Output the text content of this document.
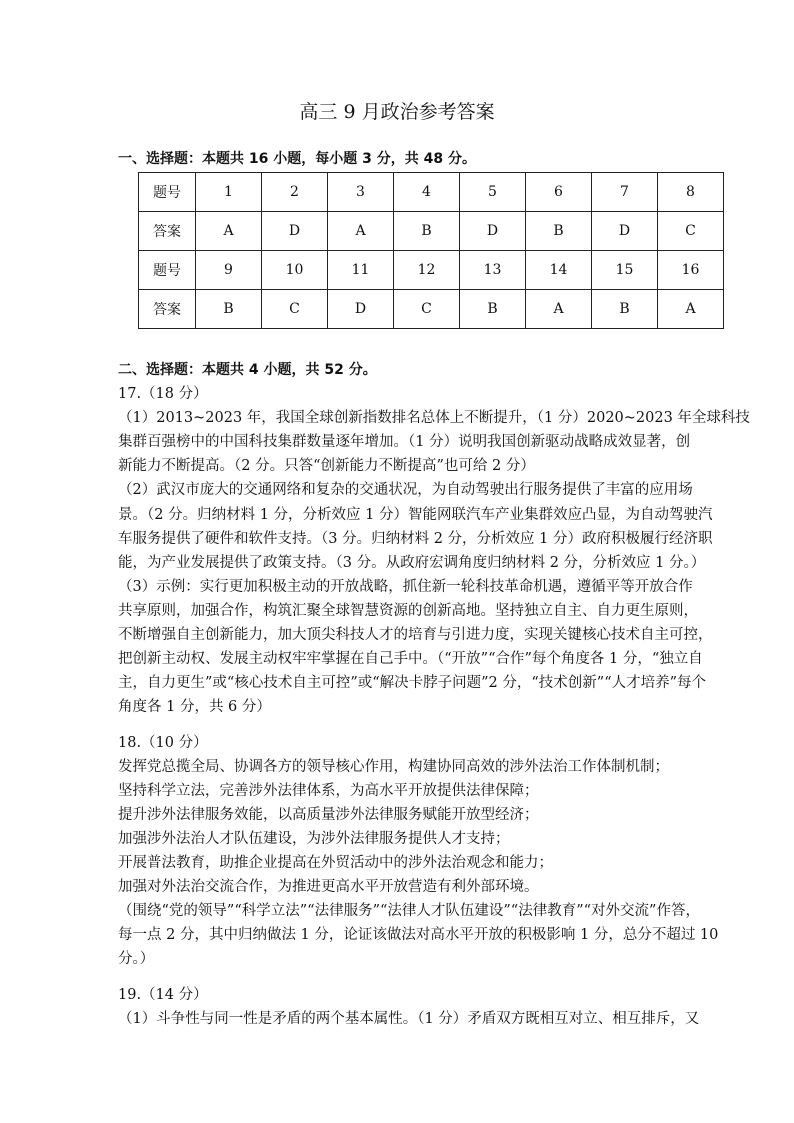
高三 9 月政治参考答案
一、选择题：本题共 16 小题，每小题 3 分，共 48 分。
题号	1	2	3	4	5	6	7	8
答案	A	D	A	B	D	B	D	C
题号	9	10	11	12	13	14	15	16
答案	B	C	D	C	B	A	B	A
二、选择题：本题共 4 小题，共 52 分。
17.（18 分）
（1）2013~2023 年，我国全球创新指数排名总体上不断提升，（1 分）2020~2023 年全球科技
集群百强榜中的中国科技集群数量逐年增加。（1 分）说明我国创新驱动战略成效显著，创
新能力不断提高。（2 分。只答“创新能力不断提高”也可给 2 分）
（2）武汉市庞大的交通网络和复杂的交通状况，为自动驾驶出行服务提供了丰富的应用场
景。（2 分。归纳材料 1 分，分析效应 1 分）智能网联汽车产业集群效应凸显，为自动驾驶汽
车服务提供了硬件和软件支持。（3 分。归纳材料 2 分，分析效应 1 分）政府积极履行经济职
能，为产业发展提供了政策支持。（3 分。从政府宏调角度归纳材料 2 分，分析效应 1 分。）
（3）示例：实行更加积极主动的开放战略，抓住新一轮科技革命机遇，遵循平等开放合作
共享原则，加强合作，构筑汇聚全球智慧资源的创新高地。坚持独立自主、自力更生原则，
不断增强自主创新能力，加大顶尖科技人才的培育与引进力度，实现关键核心技术自主可控，
把创新主动权、发展主动权牢牢掌握在自己手中。（“开放”“合作”每个角度各 1 分，“独立自
主，自力更生”或“核心技术自主可控”或“解决卡脖子问题”2 分，“技术创新”“人才培养”每个
角度各 1 分，共 6 分）
18.（10 分）
发挥党总揽全局、协调各方的领导核心作用，构建协同高效的涉外法治工作体制机制；
坚持科学立法，完善涉外法律体系，为高水平开放提供法律保障；
提升涉外法律服务效能，以高质量涉外法律服务赋能开放型经济；
加强涉外法治人才队伍建设，为涉外法律服务提供人才支持；
开展普法教育，助推企业提高在外贸活动中的涉外法治观念和能力；
加强对外法治交流合作，为推进更高水平开放营造有利外部环境。
（围绕“党的领导”“科学立法”“法律服务”“法律人才队伍建设”“法律教育”“对外交流”作答，
每一点 2 分，其中归纳做法 1 分，论证该做法对高水平开放的积极影响 1 分，总分不超过 10
分。）
19.（14 分）
（1）斗争性与同一性是矛盾的两个基本属性。（1 分）矛盾双方既相互对立、相互排斥，又
